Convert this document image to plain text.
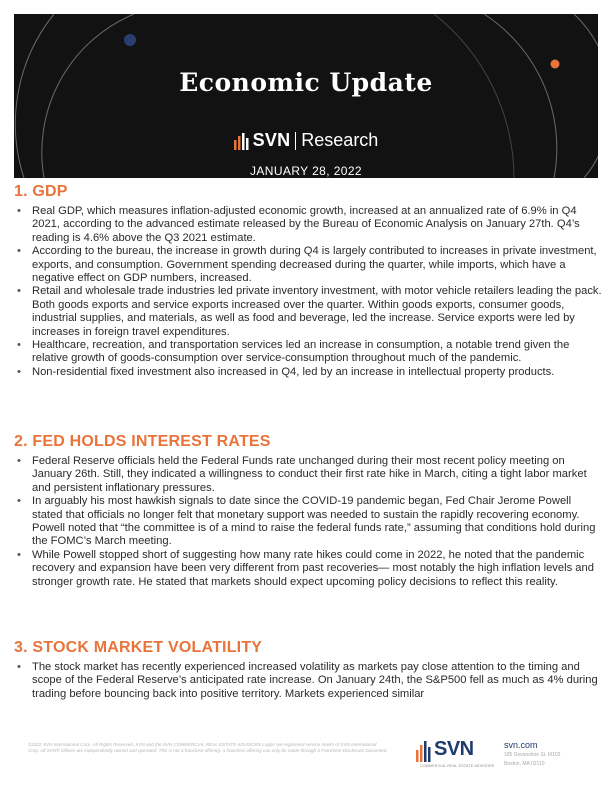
Economic Update
SVN Research
JANUARY 28, 2022
1. GDP
• Real GDP, which measures inflation-adjusted economic growth, increased at an annualized rate of 6.9% in Q4 2021, according to the advanced estimate released by the Bureau of Economic Analysis on January 27th. Q4’s reading is 4.6% above the Q3 2021 estimate.
• According to the bureau, the increase in growth during Q4 is largely contributed to increases in private investment, exports, and consumption. Government spending decreased during the quarter, while imports, which have a negative effect on GDP numbers, increased.
• Retail and wholesale trade industries led private inventory investment, with motor vehicle retailers leading the pack. Both goods exports and service exports increased over the quarter. Within goods exports, consumer goods, industrial supplies, and materials, as well as food and beverage, led the increase. Service exports were led by increases in foreign travel expenditures.
• Healthcare, recreation, and transportation services led an increase in consumption, a notable trend given the relative growth of goods-consumption over service-consumption throughout much of the pandemic.
• Non-residential fixed investment also increased in Q4, led by an increase in intellectual property products.
2. FED HOLDS INTEREST RATES
• Federal Reserve officials held the Federal Funds rate unchanged during their most recent policy meeting on January 26th. Still, they indicated a willingness to conduct their first rate hike in March, citing a tight labor market and persistent inflationary pressures.
• In arguably his most hawkish signals to date since the COVID-19 pandemic began, Fed Chair Jerome Powell stated that officials no longer felt that monetary support was needed to sustain the rapidly recovering economy. Powell noted that “the committee is of a mind to raise the federal funds rate,” assuming that conditions hold during the FOMC’s March meeting.
• While Powell stopped short of suggesting how many rate hikes could come in 2022, he noted that the pandemic recovery and expansion have been very different from past recoveries— most notably the high inflation levels and stronger growth rate. He stated that markets should expect upcoming policy decisions to reflect this reality.
3. STOCK MARKET VOLATILITY
• The stock market has recently experienced increased volatility as markets pay close attention to the timing and scope of the Federal Reserve’s anticipated rate increase. On January 24th, the S&P500 fell as much as 4% during trading before bouncing back into positive territory. Markets experienced similar
©2022 SVN International Corp. All Rights Reserved. SVN and the SVN COMMERCIAL REAL ESTATE ADVISORS Logos are registered service marks of SVN International Corp. All SVN® Offices are independently owned and operated. This is not a franchise offering. A franchise offering can only be made through a Franchise Disclosure Document. SVN
COMMERCIAL REAL ESTATE ADVISORS
svn.com
185 Devonshire St. M102
Boston, MA 02110
